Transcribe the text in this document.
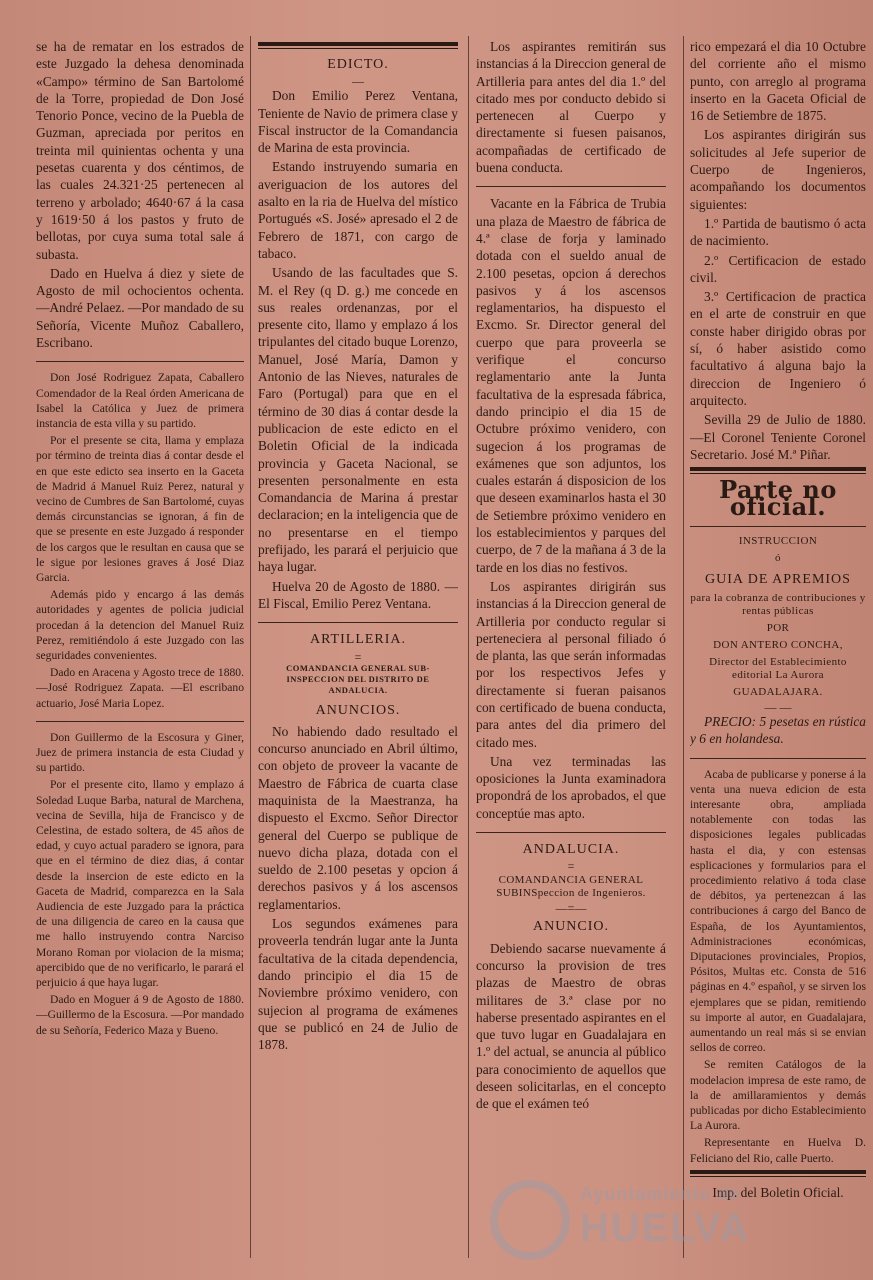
se ha de rematar en los estrados de este Juzgado la dehesa denominada «Campo» término de San Bartolomé de la Torre, propiedad de Don José Tenorio Ponce, vecino de la Puebla de Guzman, apreciada por peritos en treinta mil quinientas ochenta y una pesetas cuarenta y dos céntimos, de las cuales 24.321·25 pertenecen al terreno y arbolado; 4640·67 á la casa y 1619·50 á los pastos y fruto de bellotas, por cuya suma total sale á subasta.

Dado en Huelva á diez y siete de Agosto de mil ochocientos ochenta. —André Pelaez. —Por mandado de su Señoría, Vicente Muñoz Caballero, Escribano.

Don José Rodriguez Zapata, Caballero Comendador de la Real órden Americana de Isabel la Católica y Juez de primera instancia de esta villa y su partido.

Por el presente se cita, llama y emplaza por término de treinta dias á contar desde el en que este edicto sea inserto en la Gaceta de Madrid á Manuel Ruiz Perez, natural y vecino de Cumbres de San Bartolomé, cuyas demás circunstancias se ignoran, á fin de que se presente en este Juzgado á responder de los cargos que le resultan en causa que se le sigue por lesiones graves á José Diaz Garcia.

Además pido y encargo á las demás autoridades y agentes de policia judicial procedan á la detencion del Manuel Ruiz Perez, remitiéndolo á este Juzgado con las seguridades convenientes.

Dado en Aracena y Agosto trece de 1880. —José Rodriguez Zapata. —El escribano actuario, José Maria Lopez.

Don Guillermo de la Escosura y Giner, Juez de primera instancia de esta Ciudad y su partido.

Por el presente cito, llamo y emplazo á Soledad Luque Barba, natural de Marchena, vecina de Sevilla, hija de Francisco y de Celestina, de estado soltera, de 45 años de edad, y cuyo actual paradero se ignora, para que en el término de diez dias, á contar desde la insercion de este edicto en la Gaceta de Madrid, comparezca en la Sala Audiencia de este Juzgado para la práctica de una diligencia de careo en la causa que me hallo instruyendo contra Narciso Morano Roman por violacion de la misma; apercibido que de no verificarlo, le parará el perjuicio á que haya lugar.

Dado en Moguer á 9 de Agosto de 1880. —Guillermo de la Escosura. —Por mandado de su Señoría, Federico Maza y Bueno.

EDICTO.
—

Don Emilio Perez Ventana, Teniente de Navio de primera clase y Fiscal instructor de la Comandancia de Marina de esta provincia.

Estando instruyendo sumaria en averiguacion de los autores del asalto en la ria de Huelva del místico Portugués «S. José» apresado el 2 de Febrero de 1871, con cargo de tabaco.

Usando de las facultades que S. M. el Rey (q D. g.) me concede en sus reales ordenanzas, por el presente cito, llamo y emplazo á los tripulantes del citado buque Lorenzo, Manuel, José María, Damon y Antonio de las Nieves, naturales de Faro (Portugal) para que en el término de 30 dias á contar desde la publicacion de este edicto en el Boletin Oficial de la indicada provincia y Gaceta Nacional, se presenten personalmente en esta Comandancia de Marina á prestar declaracion; en la inteligencia que de no presentarse en el tiempo prefijado, les parará el perjuicio que haya lugar.

Huelva 20 de Agosto de 1880. — El Fiscal, Emilio Perez Ventana.

ARTILLERIA.
=
COMANDANCIA GENERAL SUB-INSPECCION DEL DISTRITO DE ANDALUCIA.
ANUNCIOS.

No habiendo dado resultado el concurso anunciado en Abril último, con objeto de proveer la vacante de Maestro de Fábrica de cuarta clase maquinista de la Maestranza, ha dispuesto el Excmo. Señor Director general del Cuerpo se publique de nuevo dicha plaza, dotada con el sueldo de 2.100 pesetas y opcion á derechos pasivos y á los ascensos reglamentarios.

Los segundos exámenes para proveerla tendrán lugar ante la Junta facultativa de la citada dependencia, dando principio el dia 15 de Noviembre próximo venidero, con sujecion al programa de exámenes que se publicó en 24 de Julio de 1878.

Los aspirantes remitirán sus instancias á la Direccion general de Artilleria para antes del dia 1.º del citado mes por conducto debido si pertenecen al Cuerpo y directamente si fuesen paisanos, acompañadas de certificado de buena conducta.

Vacante en la Fábrica de Trubia una plaza de Maestro de fábrica de 4.ª clase de forja y laminado dotada con el sueldo anual de 2.100 pesetas, opcion á derechos pasivos y á los ascensos reglamentarios, ha dispuesto el Excmo. Sr. Director general del cuerpo que para proveerla se verifique el concurso reglamentario ante la Junta facultativa de la espresada fábrica, dando principio el dia 15 de Octubre próximo venidero, con sugecion á los programas de exámenes que son adjuntos, los cuales estarán á disposicion de los que deseen examinarlos hasta el 30 de Setiembre próximo venidero en los establecimientos y parques del cuerpo, de 7 de la mañana á 3 de la tarde en los dias no festivos.

Los aspirantes dirigirán sus instancias á la Direccion general de Artilleria por conducto regular si perteneciera al personal filiado ó de planta, las que serán informadas por los respectivos Jefes y directamente si fueran paisanos con certificado de buena conducta, para antes del dia primero del citado mes.

Una vez terminadas las oposiciones la Junta examinadora propondrá de los aprobados, el que conceptúe mas apto.

ANDALUCIA.
=
COMANDANCIA GENERAL SUBINSpeccion de Ingenieros.
—=—
ANUNCIO.

Debiendo sacarse nuevamente á concurso la provision de tres plazas de Maestro de obras militares de 3.ª clase por no haberse presentado aspirantes en el que tuvo lugar en Guadalajara en 1.º del actual, se anuncia al público para conocimiento de aquellos que deseen solicitarlas, en el concepto de que el exámen teó

rico empezará el dia 10 Octubre del corriente año el mismo punto, con arreglo al programa inserto en la Gaceta Oficial de 16 de Setiembre de 1875.

Los aspirantes dirigirán sus solicitudes al Jefe superior de Cuerpo de Ingenieros, acompañando los documentos siguientes:

1.º Partida de bautismo ó acta de nacimiento.

2.º Certificacion de estado civil.

3.º Certificacion de practica en el arte de construir en que conste haber dirigido obras por sí, ó haber asistido como facultativo á alguna bajo la direccion de Ingeniero ó arquitecto.

Sevilla 29 de Julio de 1880. —El Coronel Teniente Coronel Secretario. José M.ª Piñar.

Parte no oficial.
INSTRUCCION
ó
GUIA DE APREMIOS
para la cobranza de contribuciones y rentas públicas
POR
DON ANTERO CONCHA,
Director del Establecimiento editorial La Aurora
GUADALAJARA.
— —

PRECIO: 5 pesetas en rústica y 6 en holandesa.

Acaba de publicarse y ponerse á la venta una nueva edicion de esta interesante obra, ampliada notablemente con todas las disposiciones legales publicadas hasta el dia, y con estensas esplicaciones y formularios para el procedimiento relativo á toda clase de débitos, ya pertenezcan á las contribuciones á cargo del Banco de España, de los Ayuntamientos, Administraciones económicas, Diputaciones provinciales, Propios, Pósitos, Multas etc. Consta de 516 páginas en 4.º español, y se sirven los ejemplares que se pidan, remitiendo su importe al autor, en Guadalajara, aumentando un real más si se envian sellos de correo.

Se remiten Catálogos de la modelacion impresa de este ramo, de la de amillaramientos y demás publicadas por dicho Establecimiento La Aurora.

Representante en Huelva D. Feliciano del Rio, calle Puerto.

Imp. del Boletin Oficial.
Ayuntamiento de
HUELVA
